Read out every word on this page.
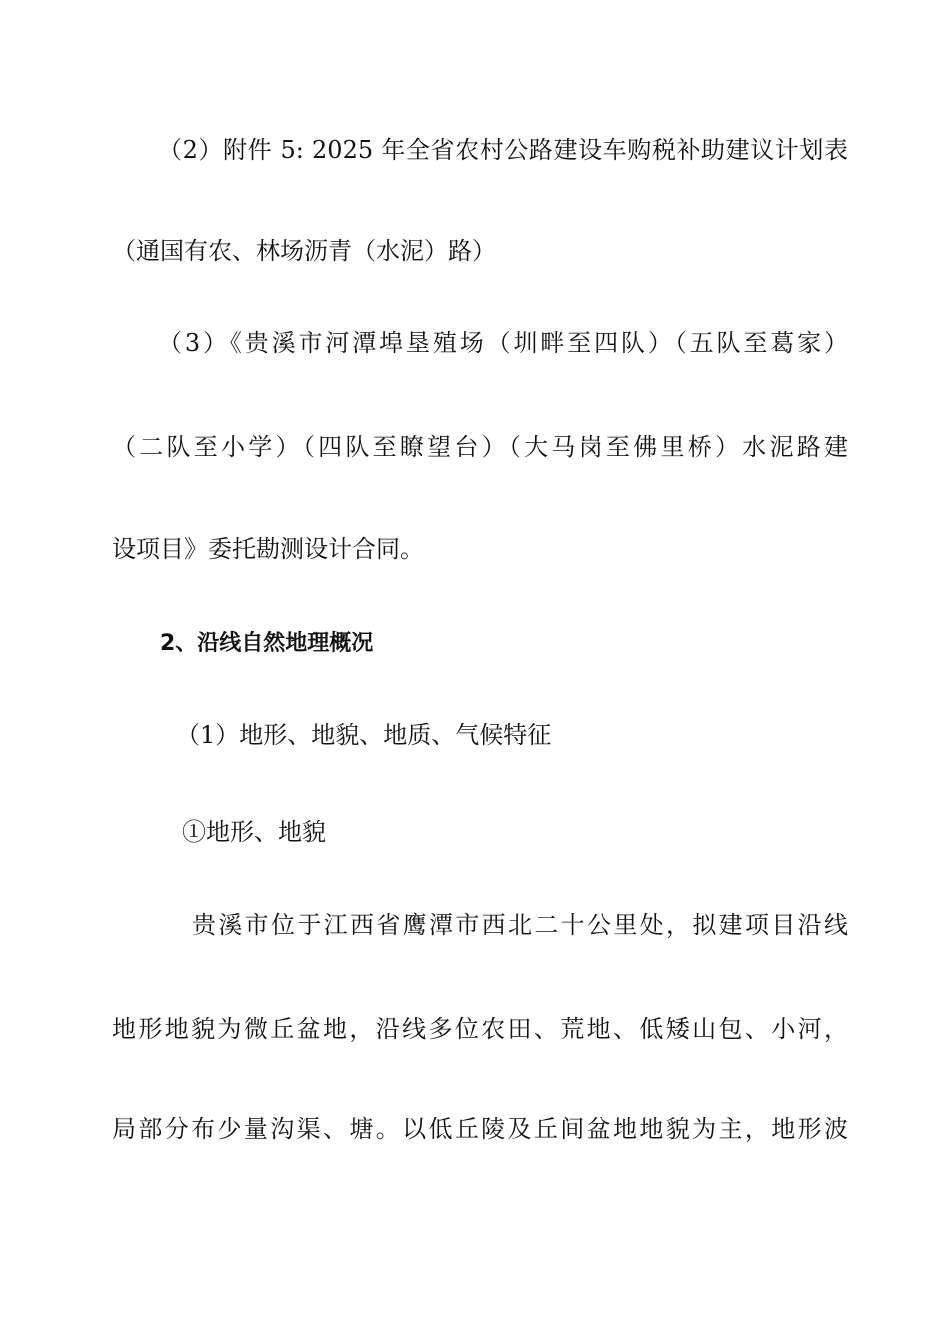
（2）附件 5: 2025 年全省农村公路建设车购税补助建议计划表
（通国有农、林场沥青（水泥）路）
（3）《贵溪市河潭埠垦殖场（圳畔至四队）（五队至葛家）
（二队至小学）（四队至瞭望台）（大马岗至佛里桥）水泥路建
设项目》委托勘测设计合同。
2、沿线自然地理概况
（1）地形、地貌、地质、气候特征
①地形、地貌
贵溪市位于江西省鹰潭市西北二十公里处，拟建项目沿线
地形地貌为微丘盆地，沿线多位农田、荒地、低矮山包、小河，
局部分布少量沟渠、塘。以低丘陵及丘间盆地地貌为主，地形波
